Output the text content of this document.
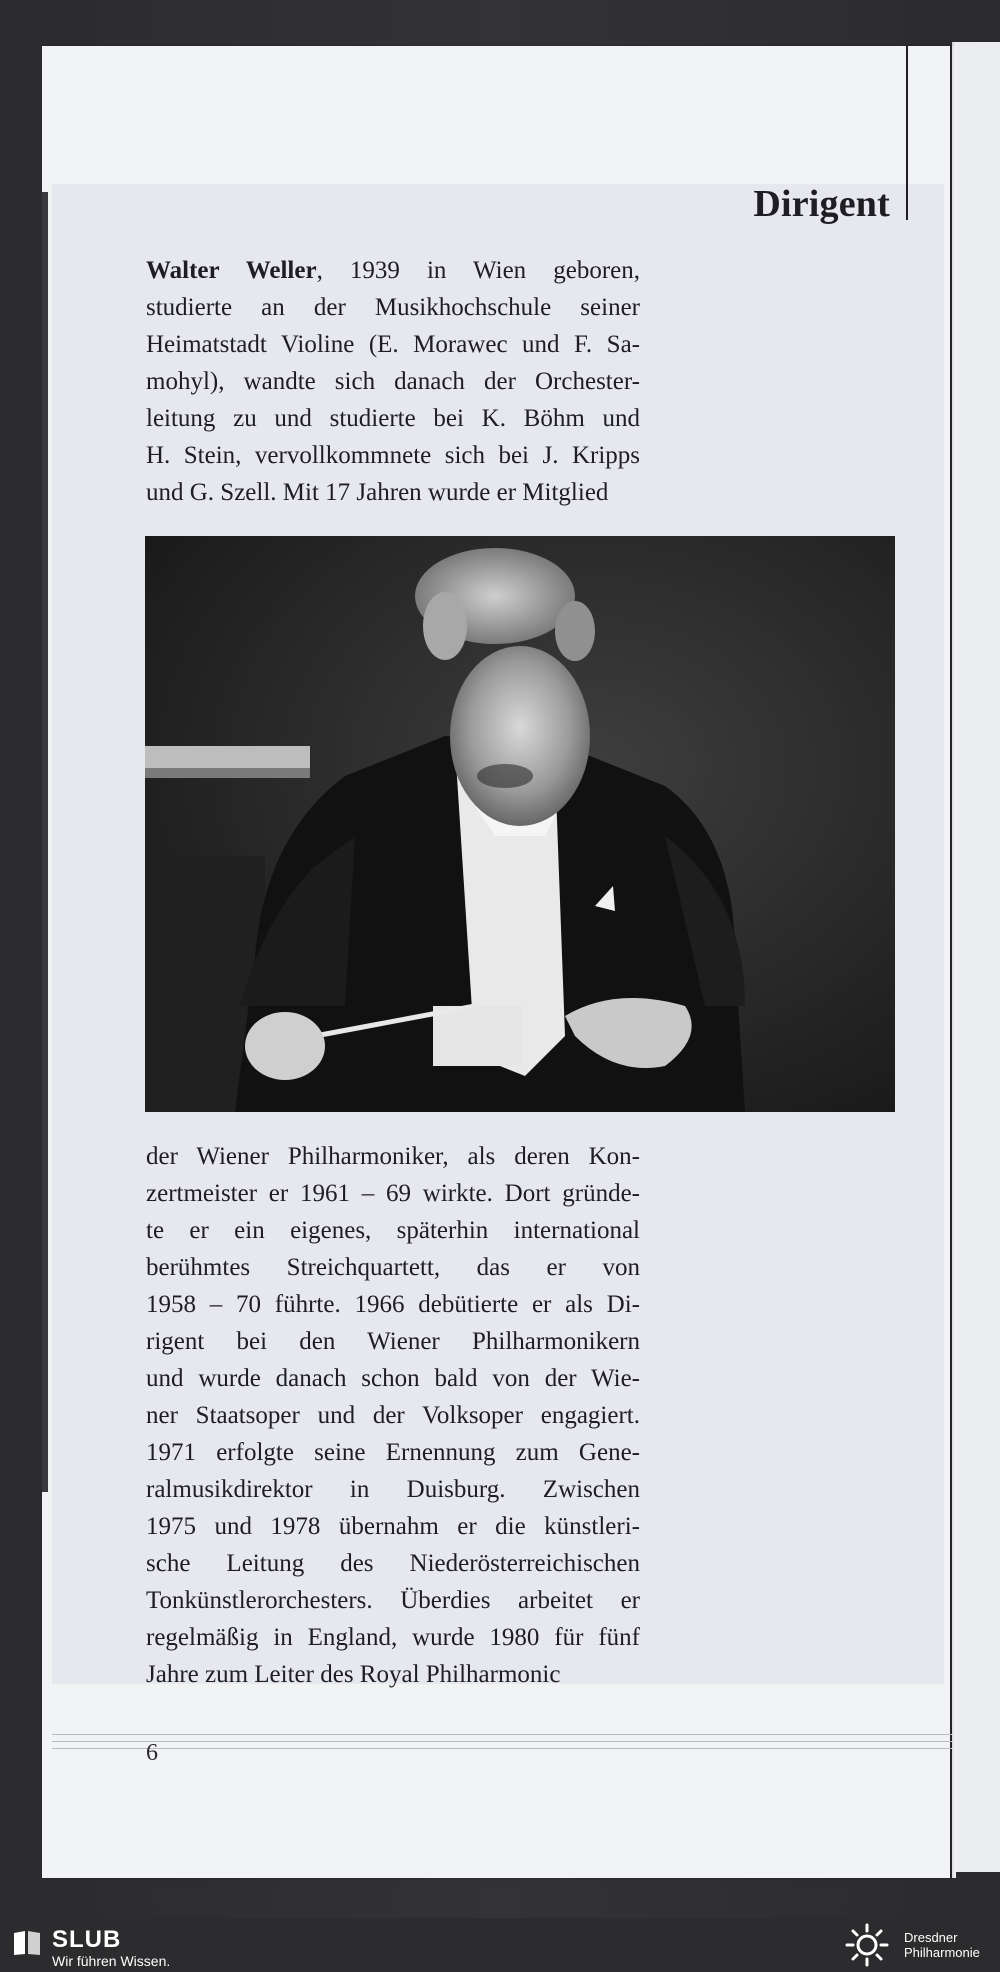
Dirigent
Walter Weller, 1939 in Wien geboren,
studierte an der Musikhochschule seiner
Heimatstadt Violine (E. Morawec und F. Sa-
mohyl), wandte sich danach der Orchester-
leitung zu und studierte bei K. Böhm und
H. Stein, vervollkommnete sich bei J. Kripps
und G. Szell. Mit 17 Jahren wurde er Mitglied
der Wiener Philharmoniker, als deren Kon-
zertmeister er 1961 – 69 wirkte. Dort gründe-
te er ein eigenes, späterhin international
berühmtes Streichquartett, das er von
1958 – 70 führte. 1966 debütierte er als Di-
rigent bei den Wiener Philharmonikern
und wurde danach schon bald von der Wie-
ner Staatsoper und der Volksoper engagiert.
1971 erfolgte seine Ernennung zum Gene-
ralmusikdirektor in Duisburg. Zwischen
1975 und 1978 übernahm er die künstleri-
sche Leitung des Niederösterreichischen
Tonkünstlerorchesters. Überdies arbeitet er
regelmäßig in England, wurde 1980 für fünf
Jahre zum Leiter des Royal Philharmonic
6
SLUB
Wir führen Wissen.
Dresdner
Philharmonie
